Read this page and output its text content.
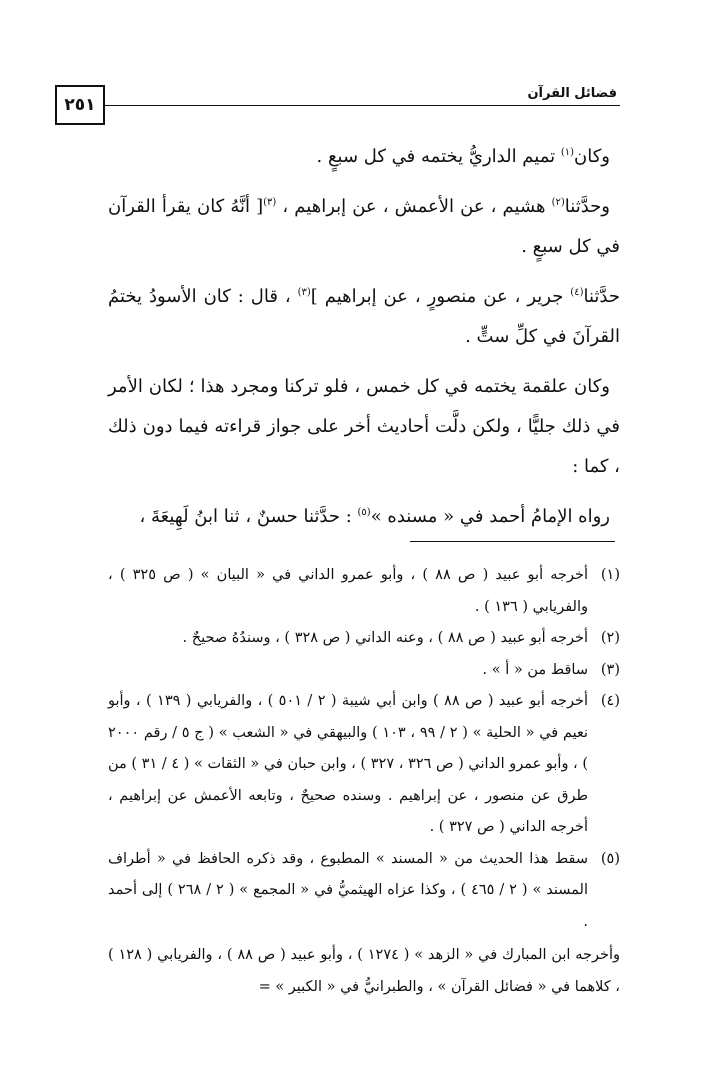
٢٥١
فضائل القرآن

وكان$^{(١)}$ تميم الداريُّ يختمه في كل سبعٍ .

وحدَّثنا$^{(٢)}$ هشيم ، عن الأعمش ، عن إبراهيم ، $^{(٣)}$[ أنَّهُ كان يقرأ القرآن في كل سبعٍ .

حدَّثنا$^{(٤)}$ جرير ، عن منصورٍ ، عن إبراهيم ]$^{(٣)}$ ، قال : كان الأسودُ يختمُ القرآنَ في كلِّ ستٍّ .

وكان علقمة يختمه في كل خمس ، فلو تركنا ومجرد هذا ؛ لكان الأمر في ذلك جليًّا ، ولكن دلَّت أحاديث أخر على جواز قراءته فيما دون ذلك ، كما :

رواه الإمامُ أحمد في « مسنده »$^{(٥)}$ : حدَّثنا حسنٌ ، ثنا ابنُ لَهِيعَةَ ،

(١)
أخرجه أبو عبيد ( ص ٨٨ ) ، وأبو عمرو الداني في « البيان » ( ص ٣٢٥ ) ، والفريابي ( ١٣٦ ) .
(٢)
أخرجه أبو عبيد ( ص ٨٨ ) ، وعنه الداني ( ص ٣٢٨ ) ، وسندُهُ صحيحٌ .
(٣)
ساقط من « أ » .
(٤)
أخرجه أبو عبيد ( ص ٨٨ ) وابن أبي شيبة ( ٢ / ٥٠١ ) ، والفريابي ( ١٣٩ ) ، وأبو نعيم في « الحلية » ( ٢ / ٩٩ ، ١٠٣ ) والبيهقي في « الشعب » ( ج ٥ / رقم ٢٠٠٠ ) ، وأبو عمرو الداني ( ص ٣٢٦ ، ٣٢٧ ) ، وابن حبان في « الثقات » ( ٤ / ٣١ ) من طرق عن منصور ، عن إبراهيم . وسنده صحيحٌ ، وتابعه الأعمش عن إبراهيم ، أخرجه الداني ( ص ٣٢٧ ) .
(٥)
سقط هذا الحديث من « المسند » المطبوع ، وقد ذكره الحافظ في « أطراف المسند » ( ٢ / ٤٦٥ ) ، وكذا عزاه الهيثميُّ في « المجمع » ( ٢ / ٢٦٨ ) إلى أحمد .
وأخرجه ابن المبارك في « الزهد » ( ١٢٧٤ ) ، وأبو عبيد ( ص ٨٨ ) ، والفريابي ( ١٢٨ ) ، كلاهما في « فضائل القرآن » ، والطبرانيُّ في « الكبير » =
